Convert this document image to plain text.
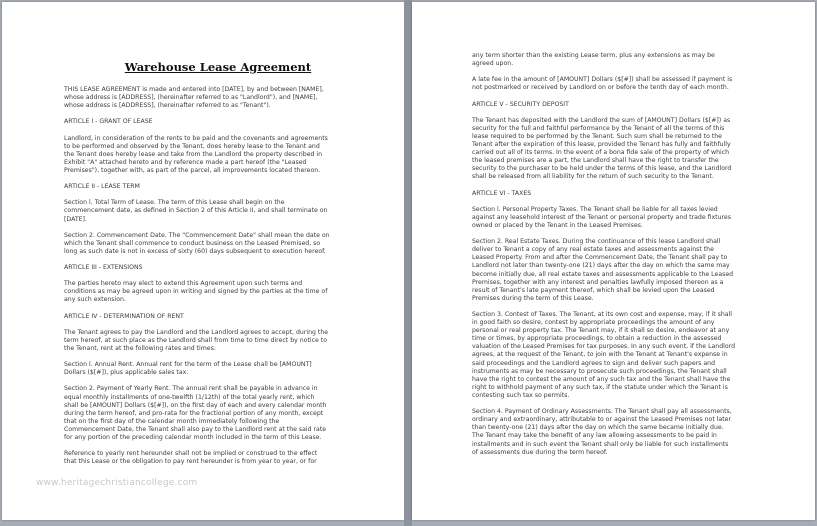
Warehouse Lease Agreement
THIS LEASE AGREEMENT is made and entered into [DATE], by and between [NAME],
whose address is [ADDRESS], (hereinafter referred to as "Landlord"), and [NAME],
whose address is [ADDRESS], (hereinafter referred to as "Tenant").
ARTICLE I - GRANT OF LEASE
Landlord, in consideration of the rents to be paid and the covenants and agreements
to be performed and observed by the Tenant, does hereby lease to the Tenant and
the Tenant does hereby lease and take from the Landlord the property described in
Exhibit "A" attached hereto and by reference made a part hereof (the "Leased
Premises"), together with, as part of the parcel, all improvements located thereon.
ARTICLE II - LEASE TERM
Section l. Total Term of Lease. The term of this Lease shall begin on the
commencement date, as defined in Section 2 of this Article II, and shall terminate on
[DATE].
Section 2. Commencement Date. The "Commencement Date" shall mean the date on
which the Tenant shall commence to conduct business on the Leased Premised, so
long as such date is not in excess of sixty (60) days subsequent to execution hereof.
ARTICLE III - EXTENSIONS
The parties hereto may elect to extend this Agreement upon such terms and
conditions as may be agreed upon in writing and signed by the parties at the time of
any such extension.
ARTICLE IV - DETERMINATION OF RENT
The Tenant agrees to pay the Landlord and the Landlord agrees to accept, during the
term hereof, at such place as the Landlord shall from time to time direct by notice to
the Tenant, rent at the following rates and times:
Section l. Annual Rent. Annual rent for the term of the Lease shall be [AMOUNT]
Dollars ($[#]), plus applicable sales tax.
Section 2. Payment of Yearly Rent. The annual rent shall be payable in advance in
equal monthly installments of one-twelfth (1/12th) of the total yearly rent, which
shall be [AMOUNT] Dollars ($[#]), on the first day of each and every calendar month
during the term hereof, and pro-rata for the fractional portion of any month, except
that on the first day of the calendar month immediately following the
Commencement Date, the Tenant shall also pay to the Landlord rent at the said rate
for any portion of the preceding calendar month included in the term of this Lease.
Reference to yearly rent hereunder shall not be implied or construed to the effect
that this Lease or the obligation to pay rent hereunder is from year to year, or for
www.heritagechristiancollege.com
any term shorter than the existing Lease term, plus any extensions as may be
agreed upon.
A late fee in the amount of [AMOUNT] Dollars ($[#]) shall be assessed if payment is
not postmarked or received by Landlord on or before the tenth day of each month.
ARTICLE V - SECURITY DEPOSIT
The Tenant has deposited with the Landlord the sum of [AMOUNT] Dollars ($[#]) as
security for the full and faithful performance by the Tenant of all the terms of this
lease required to be performed by the Tenant. Such sum shall be returned to the
Tenant after the expiration of this lease, provided the Tenant has fully and faithfully
carried out all of its terms. In the event of a bona fide sale of the property of which
the leased premises are a part, the Landlord shall have the right to transfer the
security to the purchaser to be held under the terms of this lease, and the Landlord
shall be released from all liability for the return of such security to the Tenant.
ARTICLE VI - TAXES
Section l. Personal Property Taxes. The Tenant shall be liable for all taxes levied
against any leasehold interest of the Tenant or personal property and trade fixtures
owned or placed by the Tenant in the Leased Premises.
Section 2. Real Estate Taxes. During the continuance of this lease Landlord shall
deliver to Tenant a copy of any real estate taxes and assessments against the
Leased Property. From and after the Commencement Date, the Tenant shall pay to
Landlord not later than twenty-one (21) days after the day on which the same may
become initially due, all real estate taxes and assessments applicable to the Leased
Premises, together with any interest and penalties lawfully imposed thereon as a
result of Tenant's late payment thereof, which shall be levied upon the Leased
Premises during the term of this Lease.
Section 3. Contest of Taxes. The Tenant, at its own cost and expense, may, if it shall
in good faith so desire, contest by appropriate proceedings the amount of any
personal or real property tax. The Tenant may, if it shall so desire, endeavor at any
time or times, by appropriate proceedings, to obtain a reduction in the assessed
valuation of the Leased Premises for tax purposes. In any such event, if the Landlord
agrees, at the request of the Tenant, to join with the Tenant at Tenant's expense in
said proceedings and the Landlord agrees to sign and deliver such papers and
instruments as may be necessary to prosecute such proceedings, the Tenant shall
have the right to contest the amount of any such tax and the Tenant shall have the
right to withhold payment of any such tax, if the statute under which the Tenant is
contesting such tax so permits.
Section 4. Payment of Ordinary Assessments. The Tenant shall pay all assessments,
ordinary and extraordinary, attributable to or against the Leased Premises not later
than twenty-one (21) days after the day on which the same became initially due.
The Tenant may take the benefit of any law allowing assessments to be paid in
installments and in such event the Tenant shall only be liable for such installments
of assessments due during the term hereof.
